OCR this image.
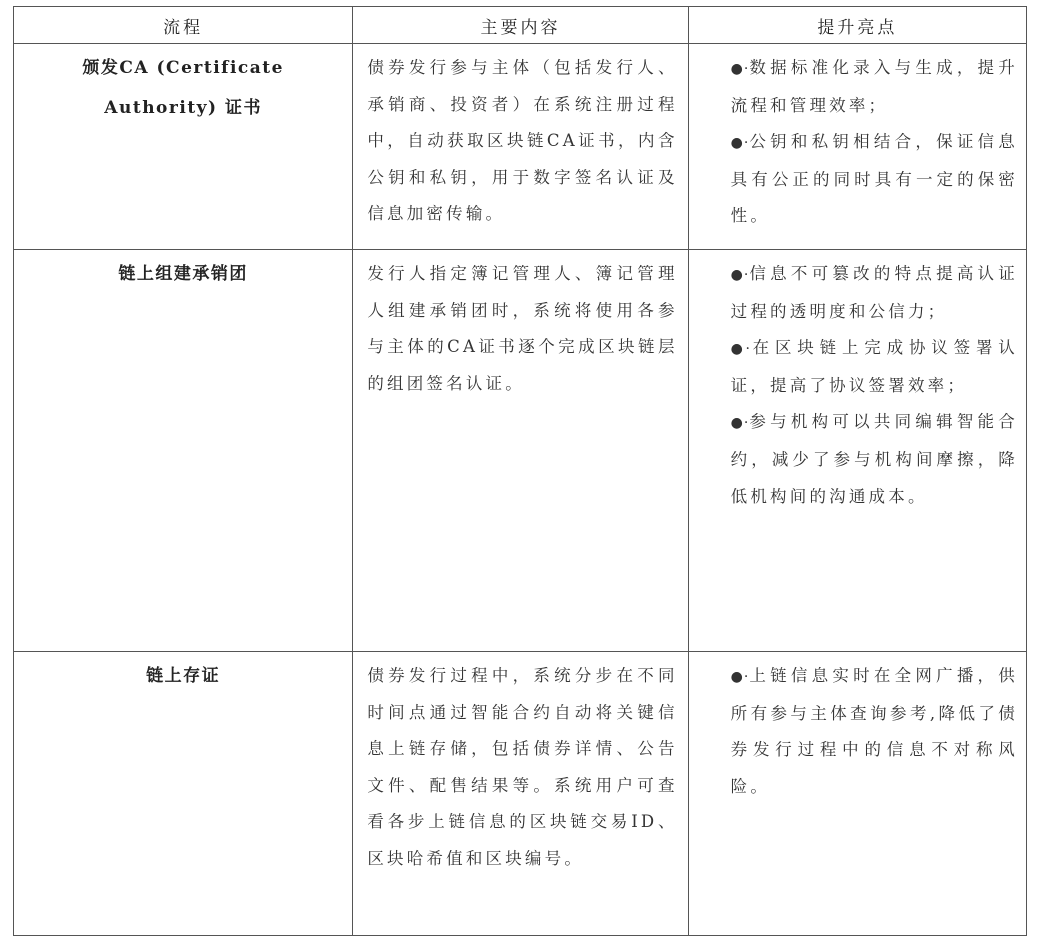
流程	主要内容	提升亮点
颁发CA (Certificate Authority) 证书	债券发行参与主体（包括发行人、承销商、投资者）在系统注册过程中，自动获取区块链CA证书，内含公钥和私钥，用于数字签名认证及信息加密传输。	●·数据标准化录入与生成，提升流程和管理效率；
●·公钥和私钥相结合，保证信息具有公正的同时具有一定的保密性。

链上组建承销团	发行人指定簿记管理人、簿记管理人组建承销团时，系统将使用各参与主体的CA证书逐个完成区块链层的组团签名认证。	●·信息不可篡改的特点提高认证过程的透明度和公信力；
●·在区块链上完成协议签署认证，提高了协议签署效率；
●·参与机构可以共同编辑智能合约，减少了参与机构间摩擦，降低机构间的沟通成本。

链上存证	债券发行过程中，系统分步在不同时间点通过智能合约自动将关键信息上链存储，包括债券详情、公告文件、配售结果等。系统用户可查看各步上链信息的区块链交易ID、区块哈希值和区块编号。	●·上链信息实时在全网广播，供所有参与主体查询参考,降低了债券发行过程中的信息不对称风险。
